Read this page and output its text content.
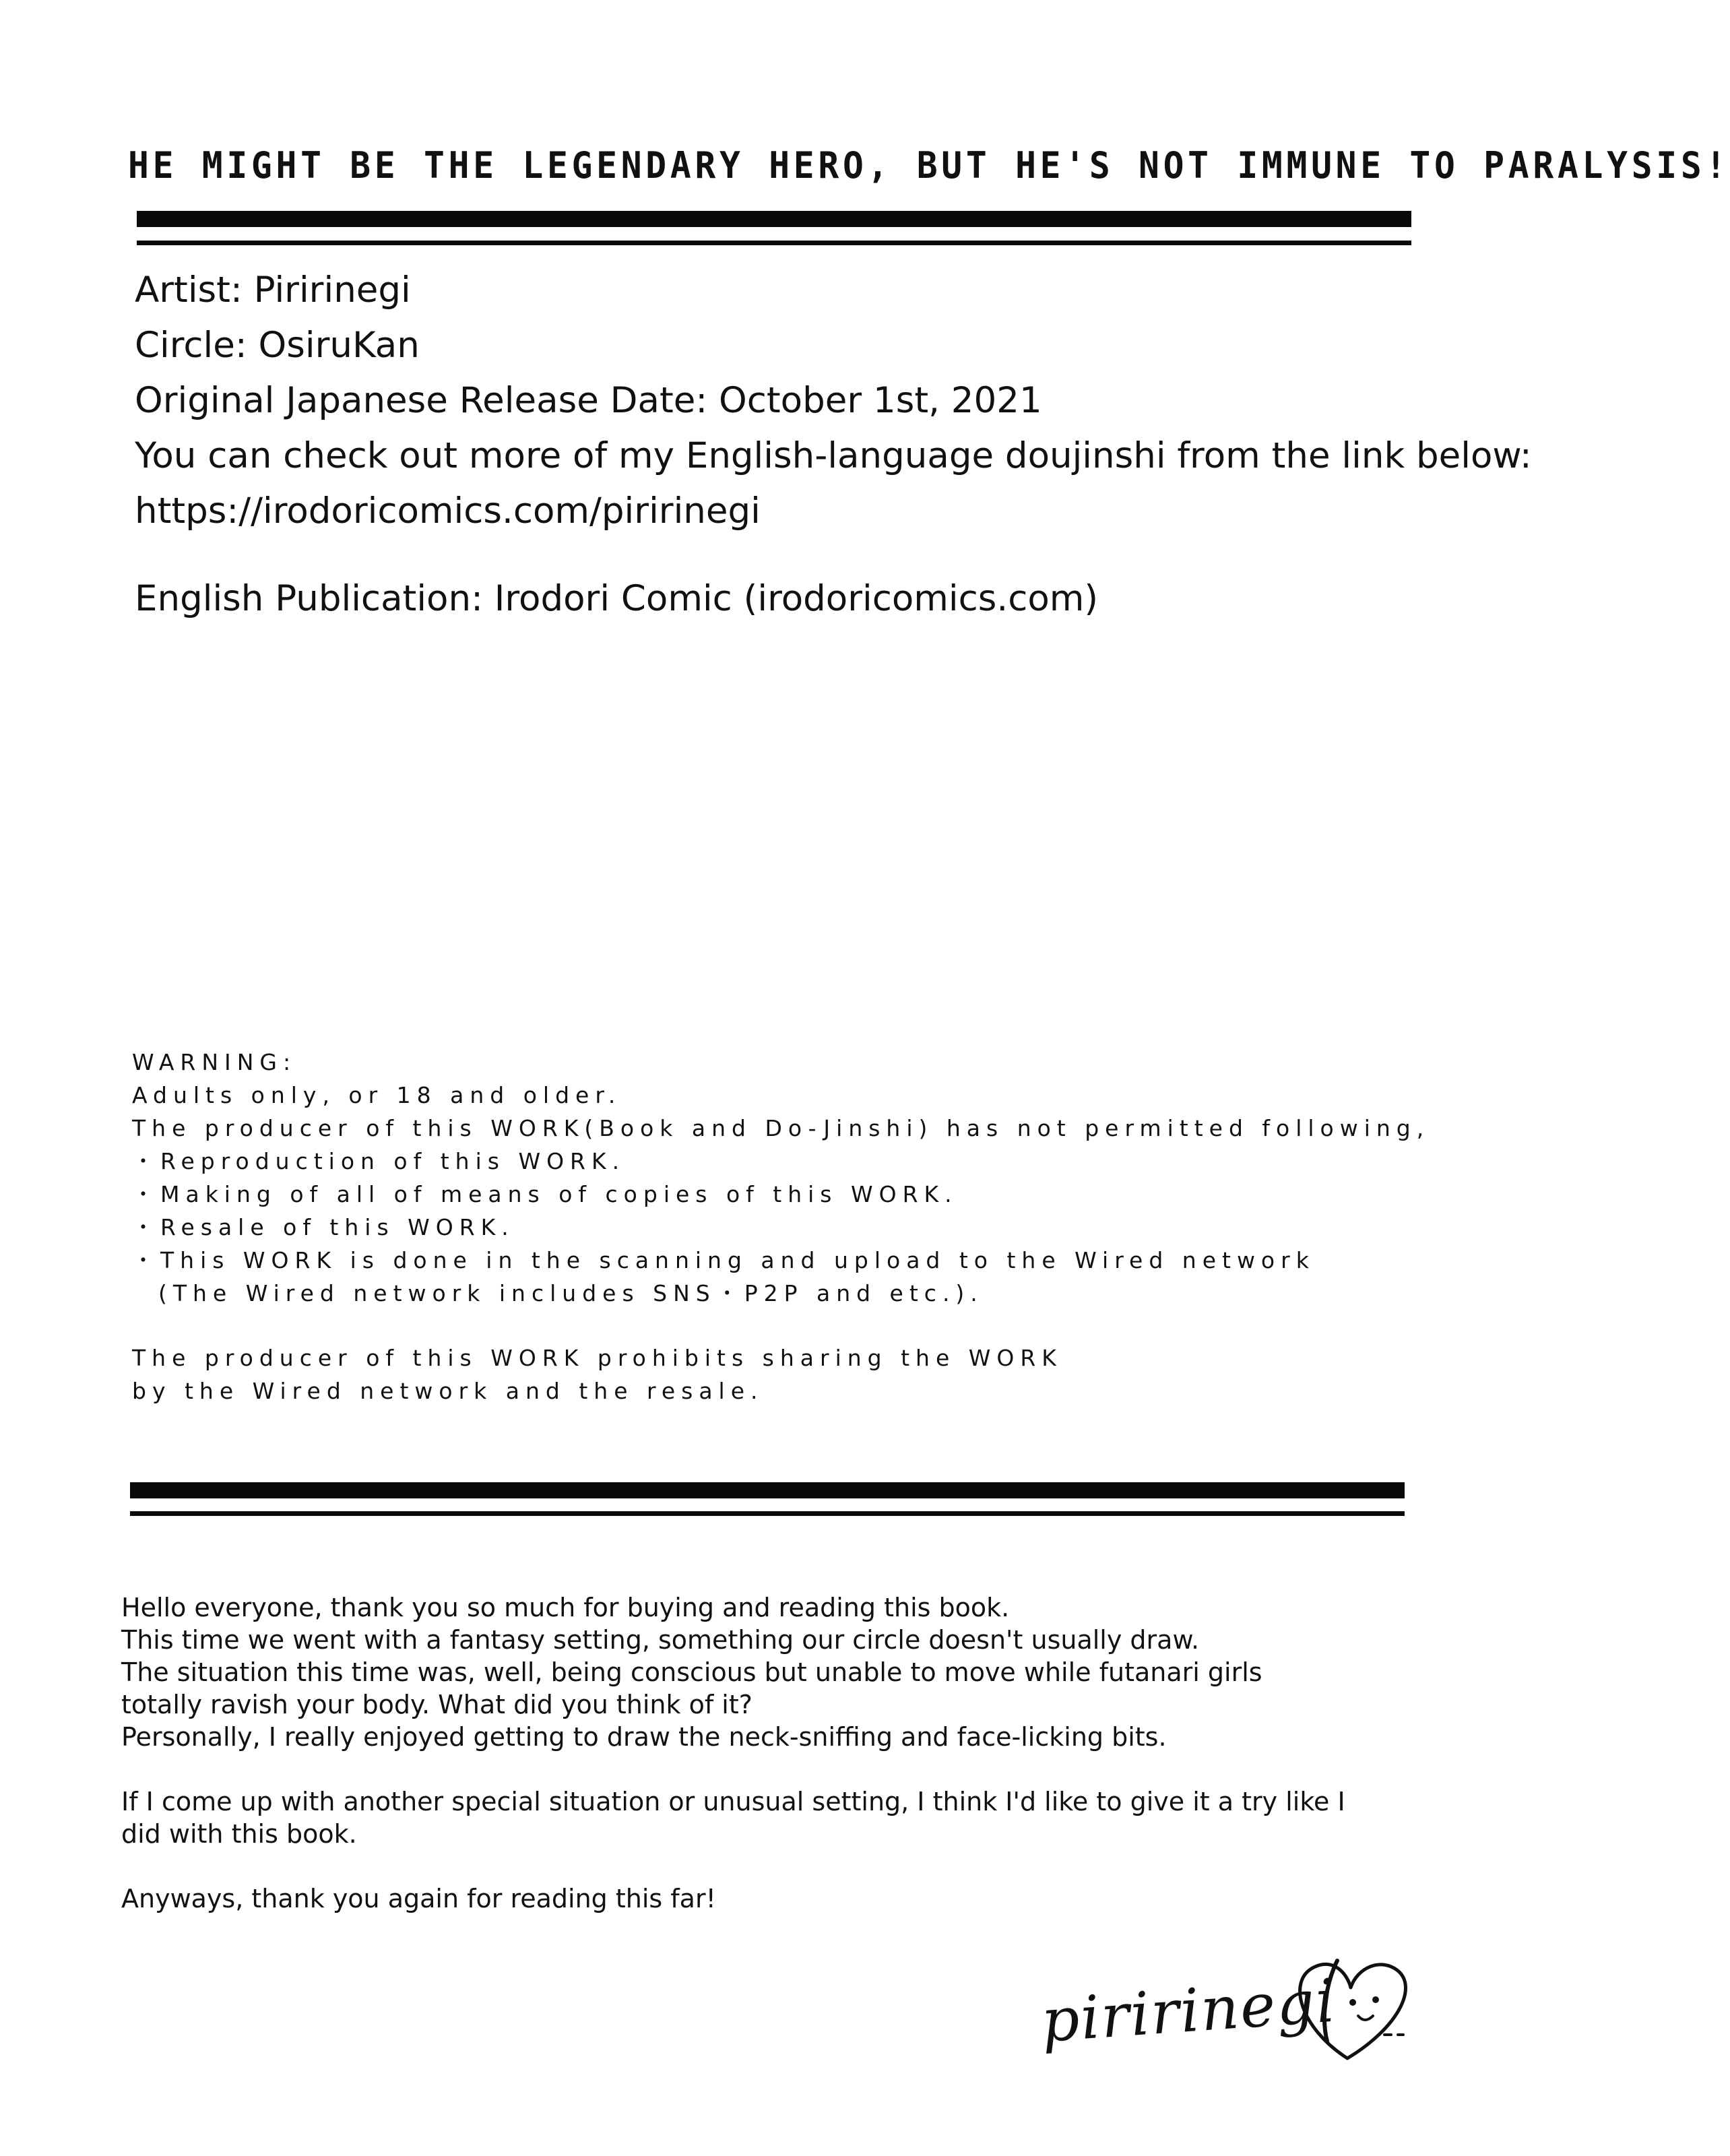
HE MIGHT BE THE LEGENDARY HERO, BUT HE'S NOT IMMUNE TO PARALYSIS!

Artist: Piririnegi

Circle: OsiruKan

Original Japanese Release Date: October 1st, 2021

You can check out more of my English-language doujinshi from the link below:

https://irodoricomics.com/piririnegi

English Publication: Irodori Comic (irodoricomics.com)

WARNING:

Adults only, or 18 and older.

The producer of this WORK(Book and Do-Jinshi) has not permitted following,

・Reproduction of this WORK.

・Making of all of means of copies of this WORK.

・Resale of this WORK.

・This WORK is done in the scanning and upload to the Wired network

(The Wired network includes SNS・P2P and etc.).

The producer of this WORK prohibits sharing the WORK

by the Wired network and the resale.

Hello everyone, thank you so much for buying and reading this book.

This time we went with a fantasy setting, something our circle doesn't usually draw.

The situation this time was, well, being conscious but unable to move while futanari girls

totally ravish your body. What did you think of it?

Personally, I really enjoyed getting to draw the neck-sniffing and face-licking bits.

If I come up with another special situation or unusual setting, I think I'd like to give it a try like I

did with this book.

Anyways, thank you again for reading this far!

piririnegi
